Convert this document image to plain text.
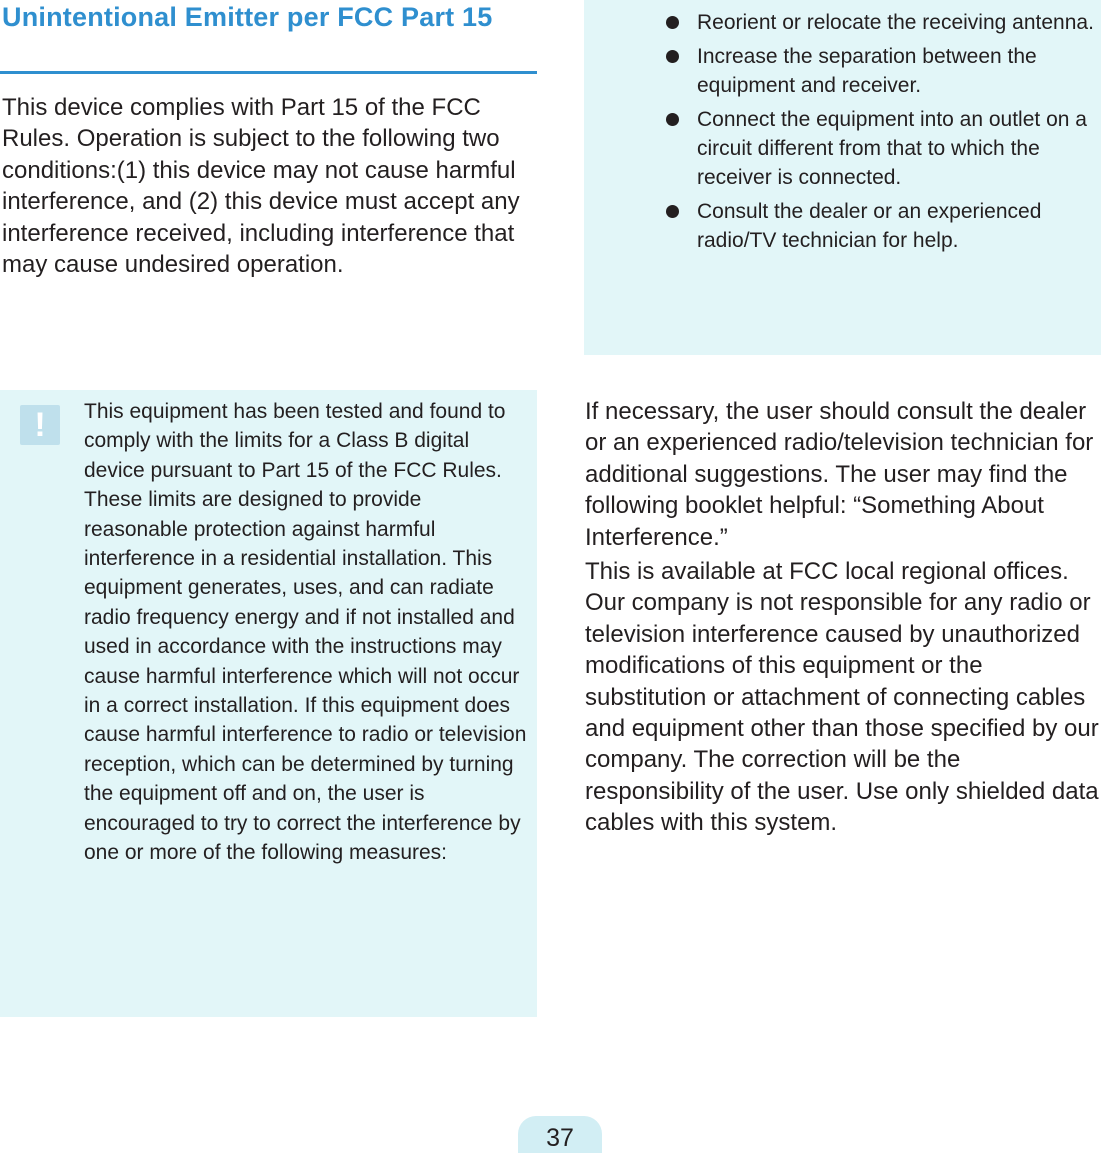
Unintentional Emitter per FCC Part 15

This device complies with Part 15 of the FCC Rules. Operation is subject to the following two conditions:(1) this device may not cause harmful interference, and (2) this device must accept any interference received, including interference that may cause undesired operation.

!	This equipment has been tested and found to comply with the limits for a Class B digital device pursuant to Part 15 of the FCC Rules. These limits are designed to provide reasonable protection against harmful interference in a residential installation. This equipment generates, uses, and can radiate radio frequency energy and if not installed and used in accordance with the instructions may cause harmful interference which will not occur in a correct installation. If this equipment does cause harmful interference to radio or television reception, which can be determined by turning the equipment off and on, the user is encouraged to try to correct the interference by one or more of the following measures:

Reorient or relocate the receiving antenna.
Increase the separation between the equipment and receiver.
Connect the equipment into an outlet on a circuit different from that to which the receiver is connected.
Consult the dealer or an experienced radio/TV technician for help.

If necessary, the user should consult the dealer or an experienced radio/television technician for additional suggestions. The user may find the following booklet helpful: “Something About Interference.”

This is available at FCC local regional offices. Our company is not responsible for any radio or television interference caused by unauthorized modifications of this equipment or the substitution or attachment of connecting cables and equipment other than those specified by our company. The correction will be the responsibility of the user. Use only shielded data cables with this system.

37
